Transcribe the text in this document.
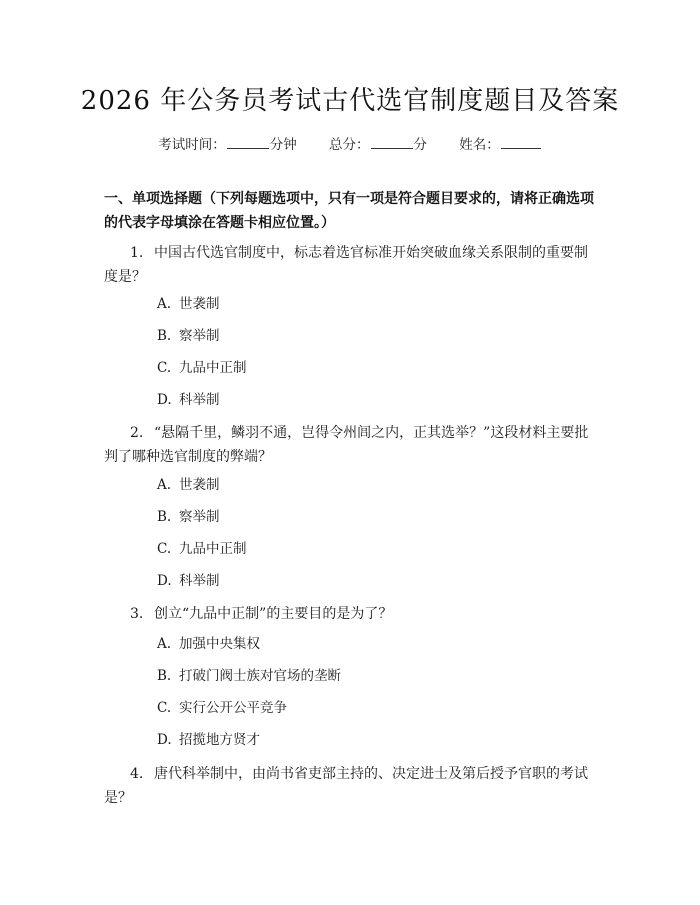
2026 年公务员考试古代选官制度题目及答案
考试时间：	分钟 总分：	分 姓名：
一、单项选择题（下列每题选项中，只有一项是符合题目要求的，请将正确选项的代表字母填涂在答题卡相应位置。）
1. 中国古代选官制度中，标志着选官标准开始突破血缘关系限制的重要制度是？
A. 世袭制
B. 察举制
C. 九品中正制
D. 科举制
2. “悬隔千里，鳞羽不通，岂得令州闾之内，正其选举？”这段材料主要批判了哪种选官制度的弊端？
A. 世袭制
B. 察举制
C. 九品中正制
D. 科举制
3. 创立“九品中正制”的主要目的是为了？
A. 加强中央集权
B. 打破门阀士族对官场的垄断
C. 实行公开公平竞争
D. 招揽地方贤才
4. 唐代科举制中，由尚书省吏部主持的、决定进士及第后授予官职的考试是？
